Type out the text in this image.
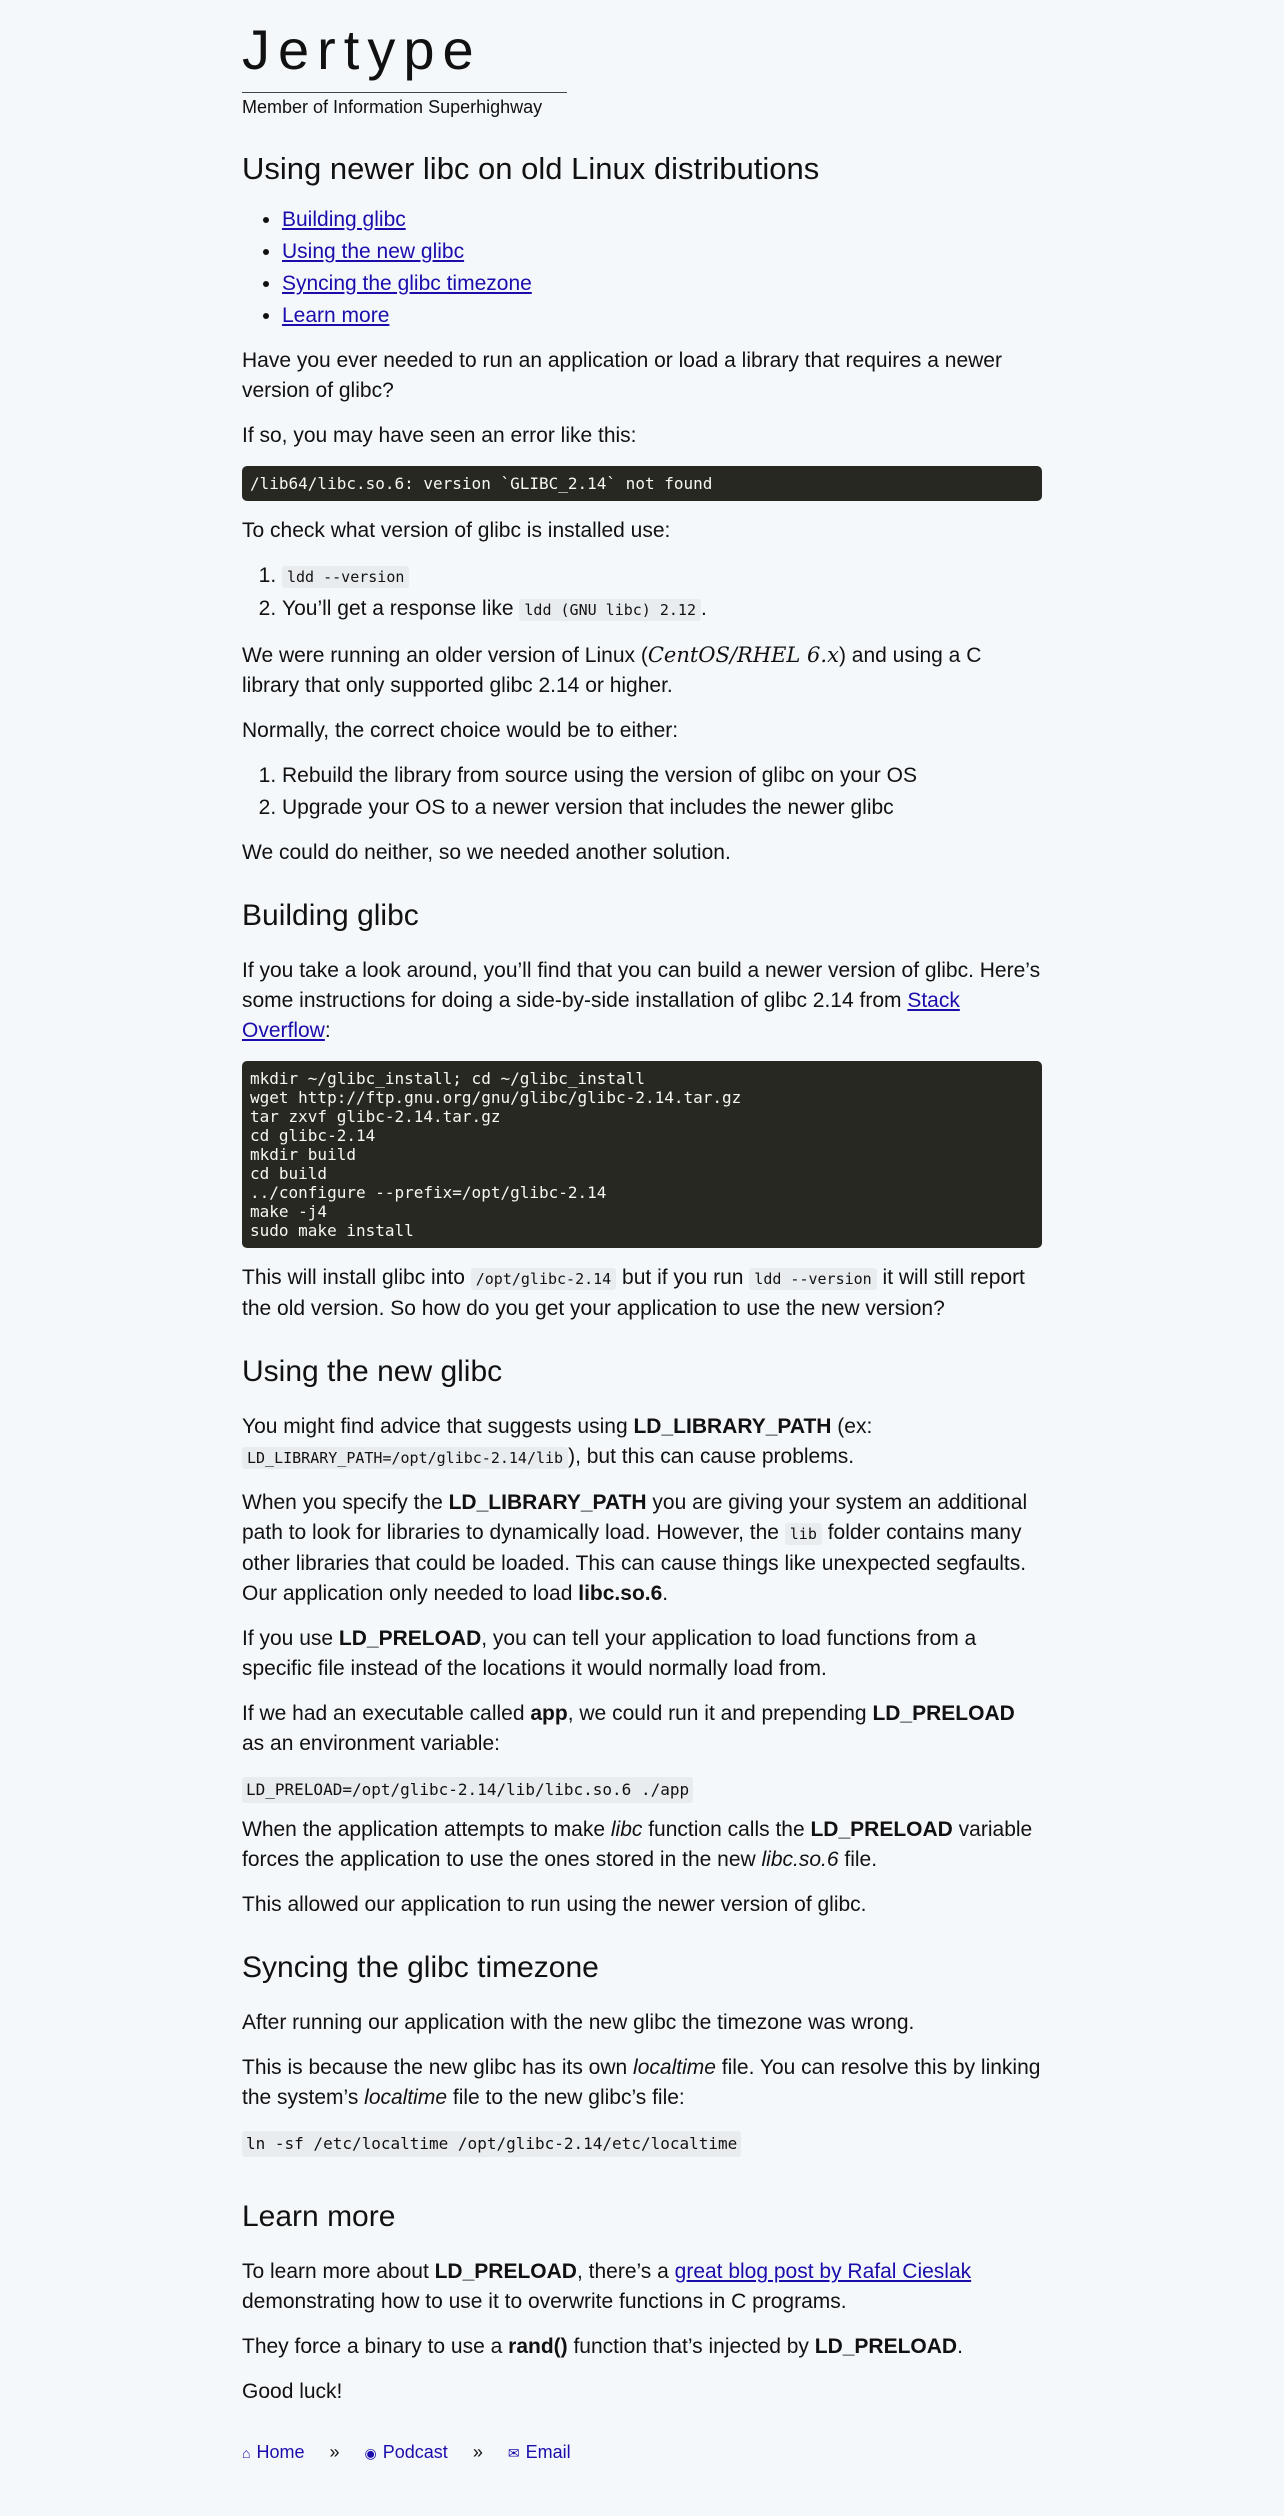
Jertype

Member of Information Superhighway

Using newer libc on old Linux distributions
• Building glibc
• Using the new glibc
• Syncing the glibc timezone
• Learn more

Have you ever needed to run an application or load a library that requires a newer version of glibc?

If so, you may have seen an error like this:

/lib64/libc.so.6: version `GLIBC_2.14` not found

To check what version of glibc is installed use:

1. ldd --version
2. You’ll get a response like ldd (GNU libc) 2.12 .

We were running an older version of Linux (CentOS/RHEL 6.x) and using a C library that only supported glibc 2.14 or higher.

Normally, the correct choice would be to either:

1. Rebuild the library from source using the version of glibc on your OS
2. Upgrade your OS to a newer version that includes the newer glibc

We could do neither, so we needed another solution.

Building glibc

If you take a look around, you’ll find that you can build a newer version of glibc. Here’s some instructions for doing a side-by-side installation of glibc 2.14 from Stack Overflow:

mkdir ~/glibc_install; cd ~/glibc_install
wget http://ftp.gnu.org/gnu/glibc/glibc-2.14.tar.gz
tar zxvf glibc-2.14.tar.gz
cd glibc-2.14
mkdir build
cd build
../configure --prefix=/opt/glibc-2.14
make -j4
sudo make install

This will install glibc into /opt/glibc-2.14 but if you run ldd --version it will still report the old version. So how do you get your application to use the new version?

Using the new glibc

You might find advice that suggests using LD_LIBRARY_PATH (ex: LD_LIBRARY_PATH=/opt/glibc-2.14/lib ), but this can cause problems.

When you specify the LD_LIBRARY_PATH you are giving your system an additional path to look for libraries to dynamically load. However, the lib folder contains many other libraries that could be loaded. This can cause things like unexpected segfaults. Our application only needed to load libc.so.6.

If you use LD_PRELOAD, you can tell your application to load functions from a specific file instead of the locations it would normally load from.

If we had an executable called app, we could run it and prepending LD_PRELOAD as an environment variable:

LD_PRELOAD=/opt/glibc-2.14/lib/libc.so.6 ./app

When the application attempts to make libc function calls the LD_PRELOAD variable forces the application to use the ones stored in the new libc.so.6 file.

This allowed our application to run using the newer version of glibc.

Syncing the glibc timezone

After running our application with the new glibc the timezone was wrong.

This is because the new glibc has its own localtime file. You can resolve this by linking the system’s localtime file to the new glibc’s file:

ln -sf /etc/localtime /opt/glibc-2.14/etc/localtime
Learn more

To learn more about LD_PRELOAD, there’s a great blog post by Rafal Cieslak demonstrating how to use it to overwrite functions in C programs.

They force a binary to use a rand() function that’s injected by LD_PRELOAD.

Good luck!

⌂ Home » ◉ Podcast » ✉ Email
